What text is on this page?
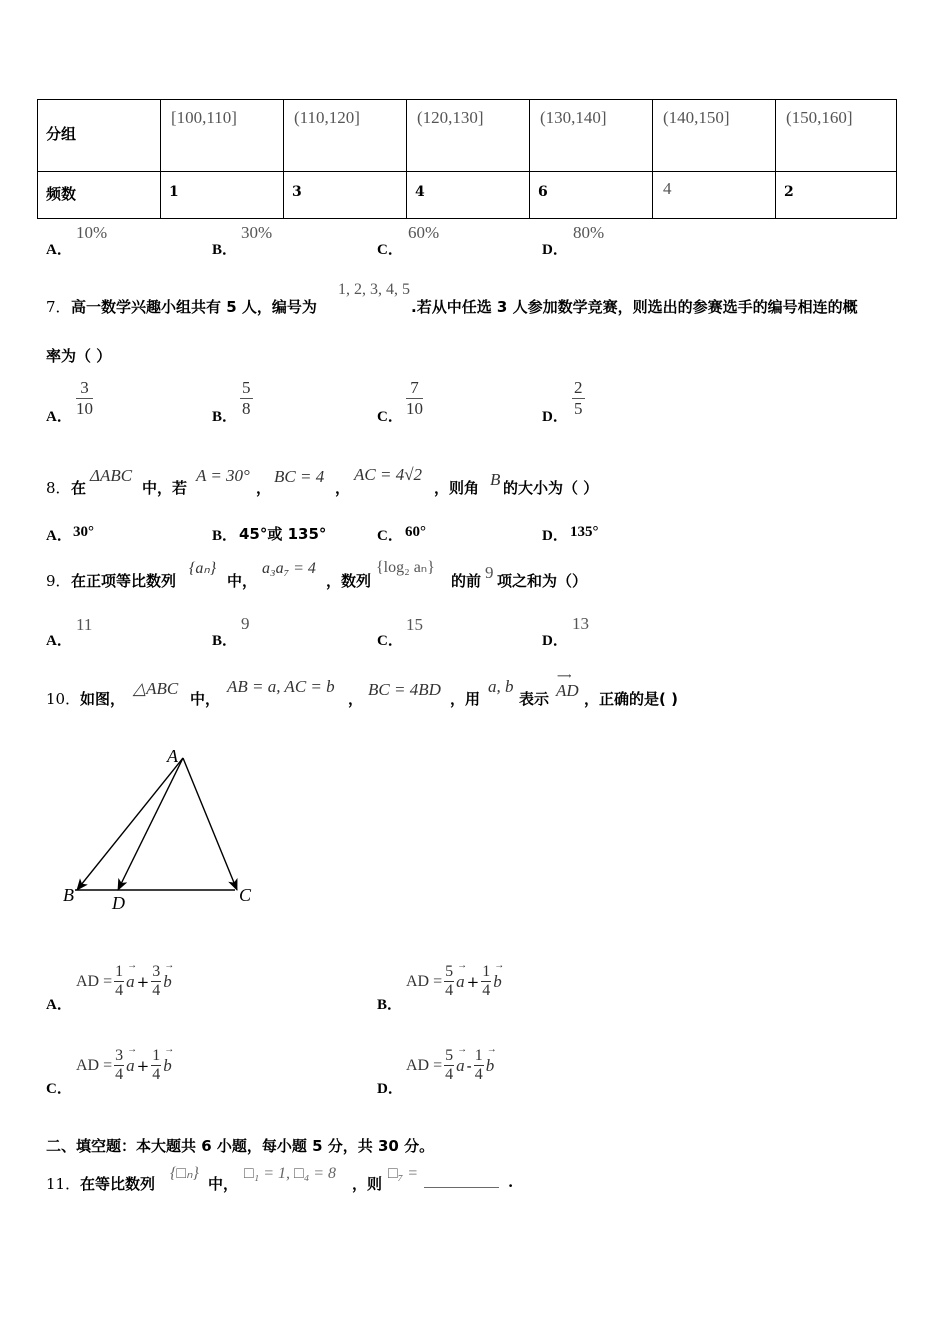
分组	[100,110]	(110,120]	(120,130]	(130,140]	(140,150]	(150,160]

频数	1	3	4	6	4	2
A．
10%
B．
30%
C．
60%
D．
80%
7． 高一数学兴趣小组共有 5 人，编号为
1, 2, 3, 4, 5
.若从中任选 3 人参加数学竞赛，则选出的参赛选手的编号相连的概
率为（ ）
A． $\frac{3}{10}$	B． $\frac{5}{8}$	C． $\frac{7}{10}$	D． $\frac{2}{5}$
8． 在
ΔABC
中，若
A = 30°
，
BC = 4
，
AC = 4√2
，则角 B 的大小为（ ）
A． 30°	B． 45°或 135°	C． 60°	D． 135°
9． 在正项等比数列
{aₙ}
中，
a₃a₇ = 4
，数列
{log₂ aₙ}
的前 9 项之和为（）
A．
11
B．
9
C．
15
D．
13
10． 如图，
△ABC
中，
AB = a, AC = b
， BC = 4BD ，用
a, b
表示
⟶
AD ，正确的是( )
A
B D	C
A．
AD = $\frac{1}{4} \to a + \frac{3}{4} \to b$
B．
AD = $\frac{5}{4} \to a + \frac{1}{4} \to b$
C．
AD = $\frac{3}{4} \to a + \frac{1}{4} \to b$
D．
AD = $\frac{5}{4} \to a - \frac{1}{4} \to b$
二、填空题：本大题共 6 小题，每小题 5 分，共 30 分。
11． 在等比数列
{□ₙ}
中，
□₁ = 1, □₄ = 8
，则
□₇ = __________ .
